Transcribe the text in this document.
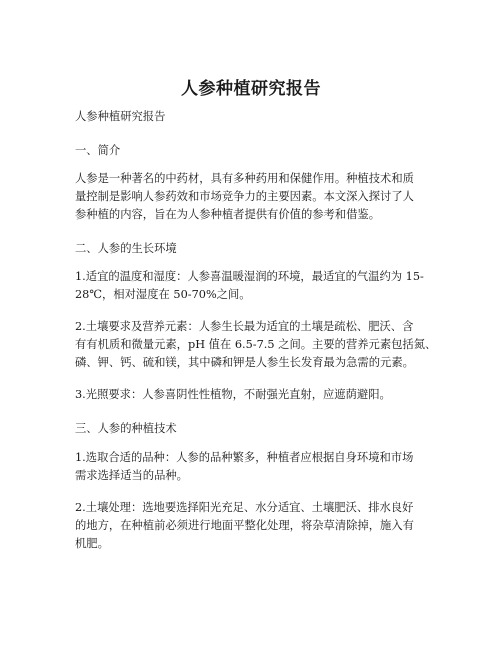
人参种植研究报告
人参种植研究报告
一、简介
人参是一种著名的中药材，具有多种药用和保健作用。种植技术和质
量控制是影响人参药效和市场竞争力的主要因素。本文深入探讨了人
参种植的内容，旨在为人参种植者提供有价值的参考和借鉴。
二、人参的生长环境
1.适宜的温度和湿度：人参喜温暖湿润的环境，最适宜的气温约为 15-
28℃，相对湿度在 50-70%之间。
2.土壤要求及营养元素：人参生长最为适宜的土壤是疏松、肥沃、含
有有机质和微量元素，pH 值在 6.5-7.5 之间。主要的营养元素包括氮、
磷、钾、钙、硫和镁，其中磷和钾是人参生长发育最为急需的元素。
3.光照要求：人参喜阴性性植物，不耐强光直射，应遮荫避阳。
三、人参的种植技术
1.选取合适的品种：人参的品种繁多，种植者应根据自身环境和市场
需求选择适当的品种。
2.土壤处理：选地要选择阳光充足、水分适宜、土壤肥沃、排水良好
的地方，在种植前必须进行地面平整化处理，将杂草清除掉，施入有
机肥。
